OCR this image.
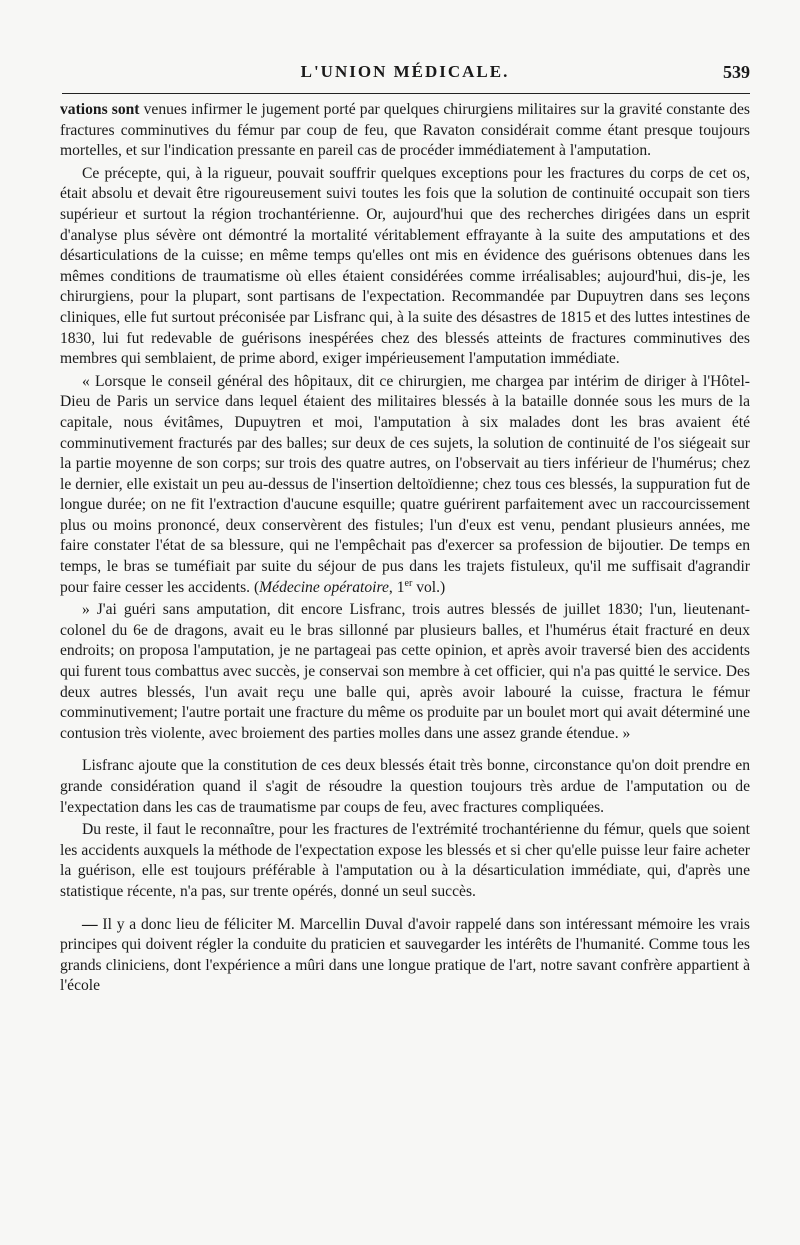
L'UNION MÉDICALE.	539

vations sont venues infirmer le jugement porté par quelques chirurgiens militaires sur la gravité constante des fractures comminutives du fémur par coup de feu, que Ravaton considérait comme étant presque toujours mortelles, et sur l'indication pressante en pareil cas de procéder immédiatement à l'amputation.

Ce précepte, qui, à la rigueur, pouvait souffrir quelques exceptions pour les fractures du corps de cet os, était absolu et devait être rigoureusement suivi toutes les fois que la solution de continuité occupait son tiers supérieur et surtout la région trochantérienne. Or, aujourd'hui que des recherches dirigées dans un esprit d'analyse plus sévère ont démontré la mortalité véritablement effrayante à la suite des amputations et des désarticulations de la cuisse; en même temps qu'elles ont mis en évidence des guérisons obtenues dans les mêmes conditions de traumatisme où elles étaient considérées comme irréalisables; aujourd'hui, dis-je, les chirurgiens, pour la plupart, sont partisans de l'expectation. Recommandée par Dupuytren dans ses leçons cliniques, elle fut surtout préconisée par Lisfranc qui, à la suite des désastres de 1815 et des luttes intestines de 1830, lui fut redevable de guérisons inespérées chez des blessés atteints de fractures comminutives des membres qui semblaient, de prime abord, exiger impérieusement l'amputation immédiate.

« Lorsque le conseil général des hôpitaux, dit ce chirurgien, me chargea par intérim de diriger à l'Hôtel-Dieu de Paris un service dans lequel étaient des militaires blessés à la bataille donnée sous les murs de la capitale, nous évitâmes, Dupuytren et moi, l'amputation à six malades dont les bras avaient été comminutivement fracturés par des balles; sur deux de ces sujets, la solution de continuité de l'os siégeait sur la partie moyenne de son corps; sur trois des quatre autres, on l'observait au tiers inférieur de l'humérus; chez le dernier, elle existait un peu au-dessus de l'insertion deltoïdienne; chez tous ces blessés, la suppuration fut de longue durée; on ne fit l'extraction d'aucune esquille; quatre guérirent parfaitement avec un raccourcissement plus ou moins prononcé, deux conservèrent des fistules; l'un d'eux est venu, pendant plusieurs années, me faire constater l'état de sa blessure, qui ne l'empêchait pas d'exercer sa profession de bijoutier. De temps en temps, le bras se tuméfiait par suite du séjour de pus dans les trajets fistuleux, qu'il me suffisait d'agrandir pour faire cesser les accidents. (Médecine opératoire, 1er vol.)

» J'ai guéri sans amputation, dit encore Lisfranc, trois autres blessés de juillet 1830; l'un, lieutenant-colonel du 6e de dragons, avait eu le bras sillonné par plusieurs balles, et l'humérus était fracturé en deux endroits; on proposa l'amputation, je ne partageai pas cette opinion, et après avoir traversé bien des accidents qui furent tous combattus avec succès, je conservai son membre à cet officier, qui n'a pas quitté le service. Des deux autres blessés, l'un avait reçu une balle qui, après avoir labouré la cuisse, fractura le fémur comminutivement; l'autre portait une fracture du même os produite par un boulet mort qui avait déterminé une contusion très violente, avec broiement des parties molles dans une assez grande étendue. »

Lisfranc ajoute que la constitution de ces deux blessés était très bonne, circonstance qu'on doit prendre en grande considération quand il s'agit de résoudre la question toujours très ardue de l'amputation ou de l'expectation dans les cas de traumatisme par coups de feu, avec fractures compliquées.

Du reste, il faut le reconnaître, pour les fractures de l'extrémité trochantérienne du fémur, quels que soient les accidents auxquels la méthode de l'expectation expose les blessés et si cher qu'elle puisse leur faire acheter la guérison, elle est toujours préférable à l'amputation ou à la désarticulation immédiate, qui, d'après une statistique récente, n'a pas, sur trente opérés, donné un seul succès.

— Il y a donc lieu de féliciter M. Marcellin Duval d'avoir rappelé dans son intéressant mémoire les vrais principes qui doivent régler la conduite du praticien et sauvegarder les intérêts de l'humanité. Comme tous les grands cliniciens, dont l'expérience a mûri dans une longue pratique de l'art, notre savant confrère appartient à l'école
